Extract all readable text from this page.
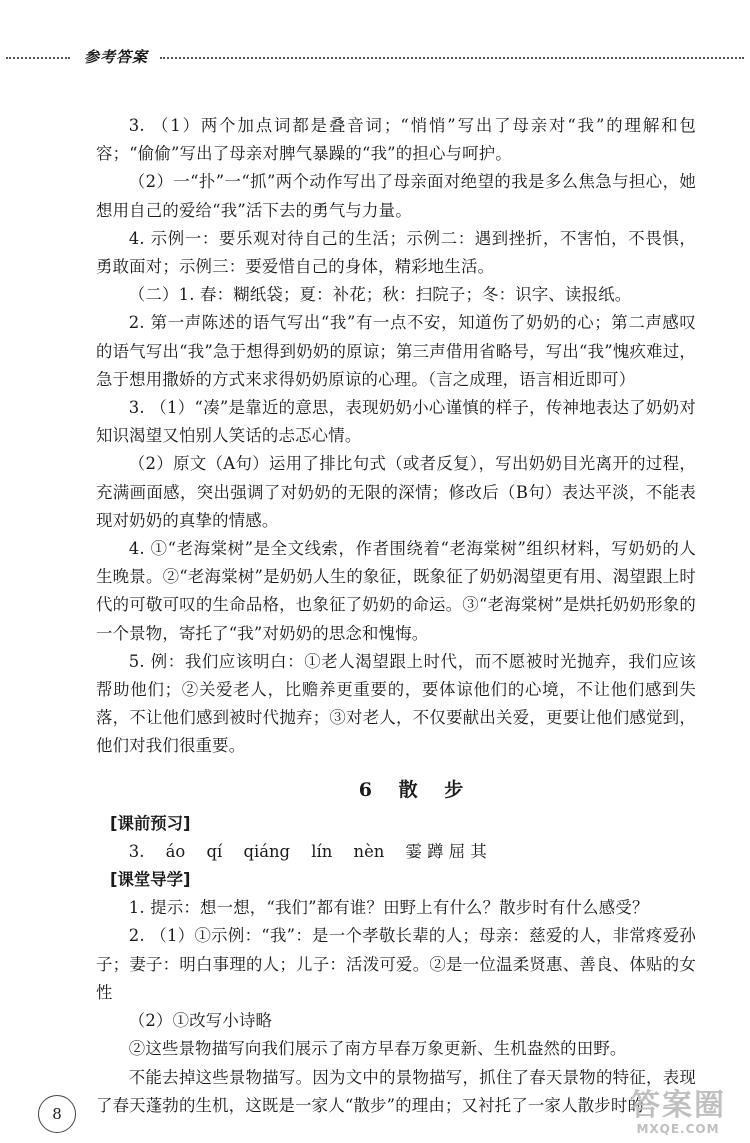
参考答案

3. （1）两个加点词都是叠音词；“悄悄”写出了母亲对“我”的理解和包容；“偷偷”写出了母亲对脾气暴躁的“我”的担心与呵护。

（2）一“扑”一“抓”两个动作写出了母亲面对绝望的我是多么焦急与担心，她想用自己的爱给“我”活下去的勇气与力量。

4. 示例一：要乐观对待自己的生活；示例二：遇到挫折，不害怕，不畏惧，勇敢面对；示例三：要爱惜自己的身体，精彩地生活。

（二）1. 春：糊纸袋；夏：补花；秋：扫院子；冬：识字、读报纸。

2. 第一声陈述的语气写出“我”有一点不安，知道伤了奶奶的心；第二声感叹的语气写出“我”急于想得到奶奶的原谅；第三声借用省略号，写出“我”愧疚难过，急于想用撒娇的方式来求得奶奶原谅的心理。（言之成理，语言相近即可）

3. （1）“凑”是靠近的意思，表现奶奶小心谨慎的样子，传神地表达了奶奶对知识渴望又怕别人笑话的忐忑心情。

（2）原文（A句）运用了排比句式（或者反复），写出奶奶目光离开的过程，充满画面感，突出强调了对奶奶的无限的深情；修改后（B句）表达平淡，不能表现对奶奶的真挚的情感。

4. ①“老海棠树”是全文线索，作者围绕着“老海棠树”组织材料，写奶奶的人生晚景。②“老海棠树”是奶奶人生的象征，既象征了奶奶渴望更有用、渴望跟上时代的可敬可叹的生命品格，也象征了奶奶的命运。③“老海棠树”是烘托奶奶形象的一个景物，寄托了“我”对奶奶的思念和愧悔。

5. 例：我们应该明白：①老人渴望跟上时代，而不愿被时光抛弃，我们应该帮助他们；②关爱老人，比赡养更重要的，要体谅他们的心境，不让他们感到失落，不让他们感到被时代抛弃；③对老人，不仅要献出关爱，更要让他们感觉到，他们对我们很重要。

6 散 步

[课前预习]

3. áo qí qiáng lín nèn 霎 蹲 屈 其

[课堂导学]

1. 提示：想一想，“我们”都有谁？田野上有什么？散步时有什么感受？

2. （1）①示例：“我”：是一个孝敬长辈的人；母亲：慈爱的人，非常疼爱孙子；妻子：明白事理的人；儿子：活泼可爱。②是一位温柔贤惠、善良、体贴的女性

（2）①改写小诗略

②这些景物描写向我们展示了南方早春万象更新、生机盎然的田野。

不能去掉这些景物描写。因为文中的景物描写，抓住了春天景物的特征，表现了春天蓬勃的生机，这既是一家人“散步”的理由；又衬托了一家人散步时的

8	答案圈
MXQE.COM
